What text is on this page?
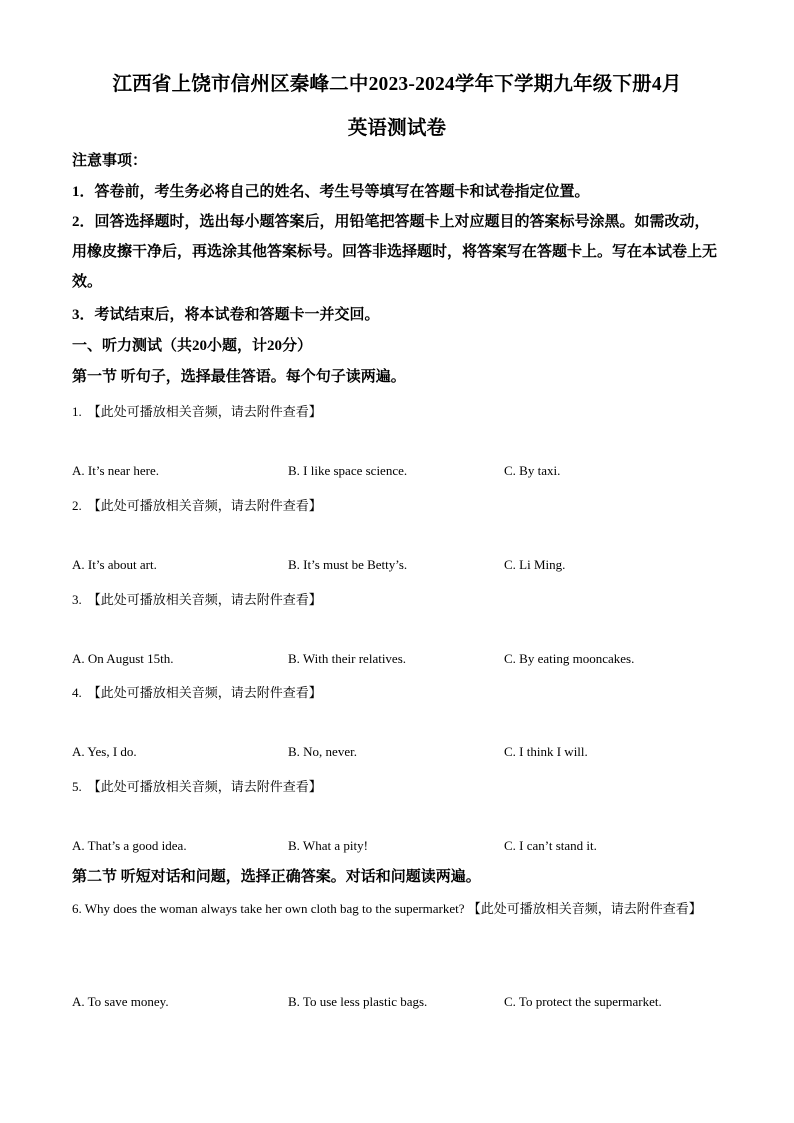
江西省上饶市信州区秦峰二中2023-2024学年下学期九年级下册4月
英语测试卷
注意事项：
1．答卷前，考生务必将自己的姓名、考生号等填写在答题卡和试卷指定位置。
2．回答选择题时，选出每小题答案后，用铅笔把答题卡上对应题目的答案标号涂黑。如需改动，用橡皮擦干净后，再选涂其他答案标号。回答非选择题时，将答案写在答题卡上。写在本试卷上无效。
3．考试结束后，将本试卷和答题卡一并交回。
一、听力测试（共20小题，计20分）
第一节 听句子，选择最佳答语。每个句子读两遍。
1. 【此处可播放相关音频，请去附件查看】
A. It’s near here.	B. I like space science.	C. By taxi.
2. 【此处可播放相关音频，请去附件查看】
A. It’s about art.	B. It’s must be Betty’s.	C. Li Ming.
3. 【此处可播放相关音频，请去附件查看】
A. On August 15th.	B. With their relatives.	C. By eating mooncakes.
4. 【此处可播放相关音频，请去附件查看】
A. Yes, I do.	B. No, never.	C. I think I will.
5. 【此处可播放相关音频，请去附件查看】
A. That’s a good idea.	B. What a pity!	C. I can’t stand it.
第二节 听短对话和问题，选择正确答案。对话和问题读两遍。
6. Why does the woman always take her own cloth bag to the supermarket? 【此处可播放相关音频，请去附件查看】
A. To save money.	B. To use less plastic bags.	C. To protect the supermarket.
